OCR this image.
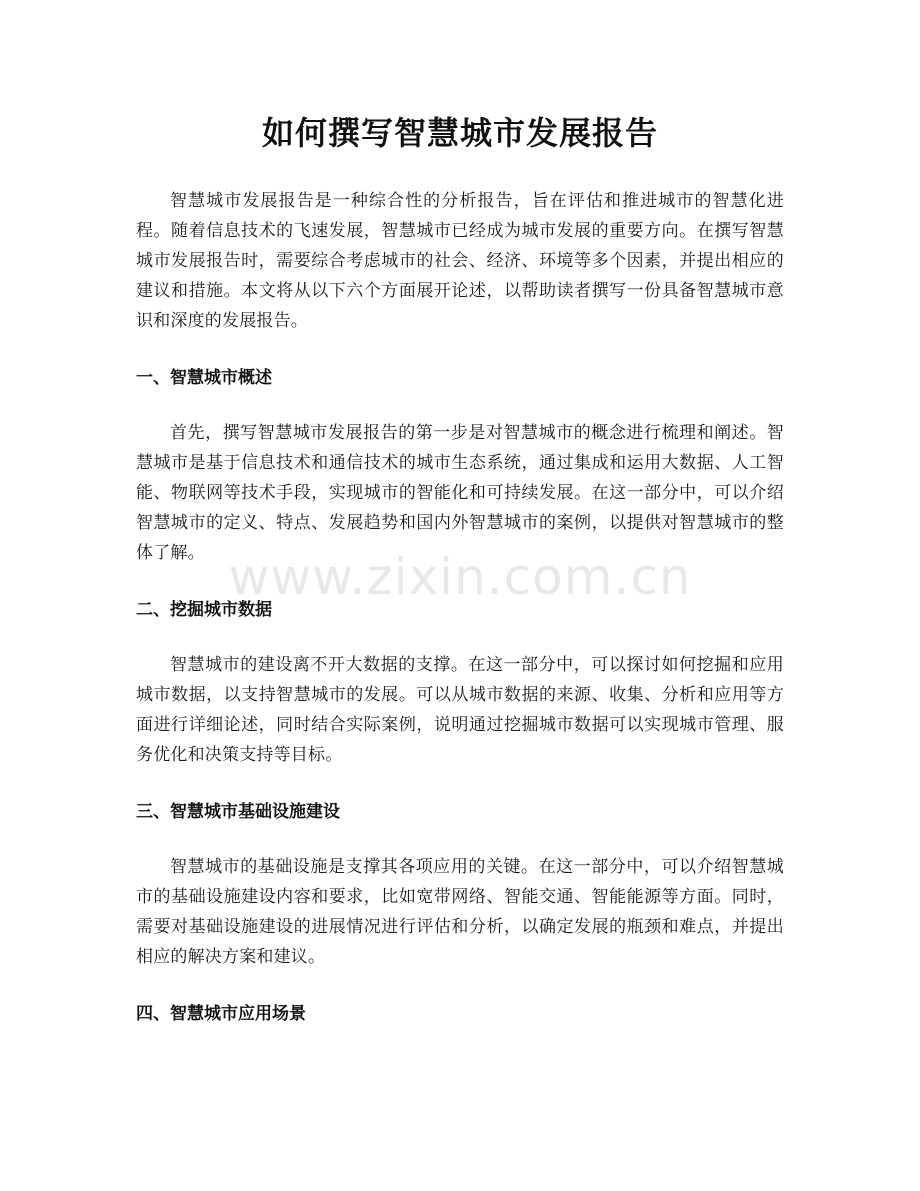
如何撰写智慧城市发展报告

智慧城市发展报告是一种综合性的分析报告，旨在评估和推进城市的智慧化进程。随着信息技术的飞速发展，智慧城市已经成为城市发展的重要方向。在撰写智慧城市发展报告时，需要综合考虑城市的社会、经济、环境等多个因素，并提出相应的建议和措施。本文将从以下六个方面展开论述，以帮助读者撰写一份具备智慧城市意识和深度的发展报告。

一、智慧城市概述

首先，撰写智慧城市发展报告的第一步是对智慧城市的概念进行梳理和阐述。智慧城市是基于信息技术和通信技术的城市生态系统，通过集成和运用大数据、人工智能、物联网等技术手段，实现城市的智能化和可持续发展。在这一部分中，可以介绍智慧城市的定义、特点、发展趋势和国内外智慧城市的案例，以提供对智慧城市的整体了解。

二、挖掘城市数据

智慧城市的建设离不开大数据的支撑。在这一部分中，可以探讨如何挖掘和应用城市数据，以支持智慧城市的发展。可以从城市数据的来源、收集、分析和应用等方面进行详细论述，同时结合实际案例，说明通过挖掘城市数据可以实现城市管理、服务优化和决策支持等目标。

三、智慧城市基础设施建设

智慧城市的基础设施是支撑其各项应用的关键。在这一部分中，可以介绍智慧城市的基础设施建设内容和要求，比如宽带网络、智能交通、智能能源等方面。同时，需要对基础设施建设的进展情况进行评估和分析，以确定发展的瓶颈和难点，并提出相应的解决方案和建议。

四、智慧城市应用场景
www.zixin.com.cn
